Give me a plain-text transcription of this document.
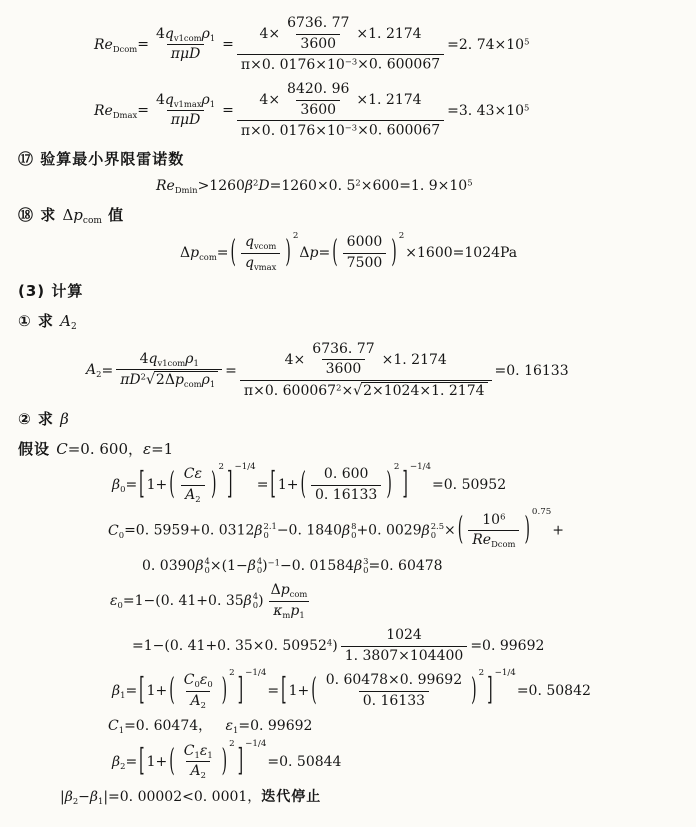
$Re_{Dcom}= \frac{4q_{v1com}\rho_1}{\text{πμD}} = \frac{4\times \frac{6736. 77}{3600} \times 1. 2174}{\pi\times 0. 0176\times 10^{-3}\times 0. 600067} =2$. $74\times 10^5$
$Re_{Dmax}= \frac{4q_{v1max}\rho_1}{\text{πμD}} = \frac{4\times \frac{8420. 96}{3600} \times 1. 2174}{\pi\times 0. 0176\times 10^{-3}\times 0. 600067} =3$. $43\times 10^5$
⑰ 验算最小界限雷诺数
$Re_{Dmin}>1260\beta^2D=1260\times 0$. $5^2\times 600=1$. $9\times 10^5$
⑱ 求 $\Delta p_{com}$ 值
$\Delta p_{com}=$ ( $\frac{q_{vcom}}{q_{vmax}}$ )
2
Δp= ( $\frac{6000}{7500}$ )
2
×1600=1024Pa
(3) 计算
① 求 $A_2$
$A_2= \frac{4q_{v1com}\rho_1}{\pi D^2√2\Delta p_{com}\rho_1} = \frac{4\times \frac{6736. 77}{3600} \times 1. 2174}{\pi\times 0. 600067^2\times√2\times 1024\times 1. 2174} =0$. 16133
② 求 β
假设 C=0. 600，ε=1
$\beta_0=$ [ 1+ ( $\frac{C\varepsilon}{A_2}$ )
2
]
−1/4
= [ 1+ ( $\frac{0. 600}{0. 16133}$ )
2
]
−1/4
=0. 50952
$C_0=0$. 5959+0. 0312β 2.1
0 −0. 1840β 8
0 +0. 0029β 2.5
0 × ( $\frac{10^6}{Re_{Dcom}}$ ) 0.75
+
0. 0390β 4
0 ×(1−β 4
0 )$^{-1}$−0. 01584β 3
0 =0. 60478
$\varepsilon_0=1-(0$. 41+0. 35β 4
0 ) $\frac{\Delta p_{com}}{\kappa_mp_1}$
=1−(0. 41+0. 35×0. $50952^4) \frac{1024}{1. 3807\times 104400} =0$. 99692
$\beta_1=$ [ 1+ ( $\frac{C_0\varepsilon_0}{A_2}$ )
2
]
−1/4
= [ 1+ ( $\frac{0. 60478\times 0. 99692}{0. 16133}$ )
2
]
−1/4
=0. 50842
$C_1=0$. 60474，   $\varepsilon_1=0$. 99692
$\beta_2=$ [ 1+ ( $\frac{C_1\varepsilon_1}{A_2}$ )
2
]
−1/4
=0. 50844
$|\beta_2-\beta_1|=0$. 00002<0. 0001，迭代停止
